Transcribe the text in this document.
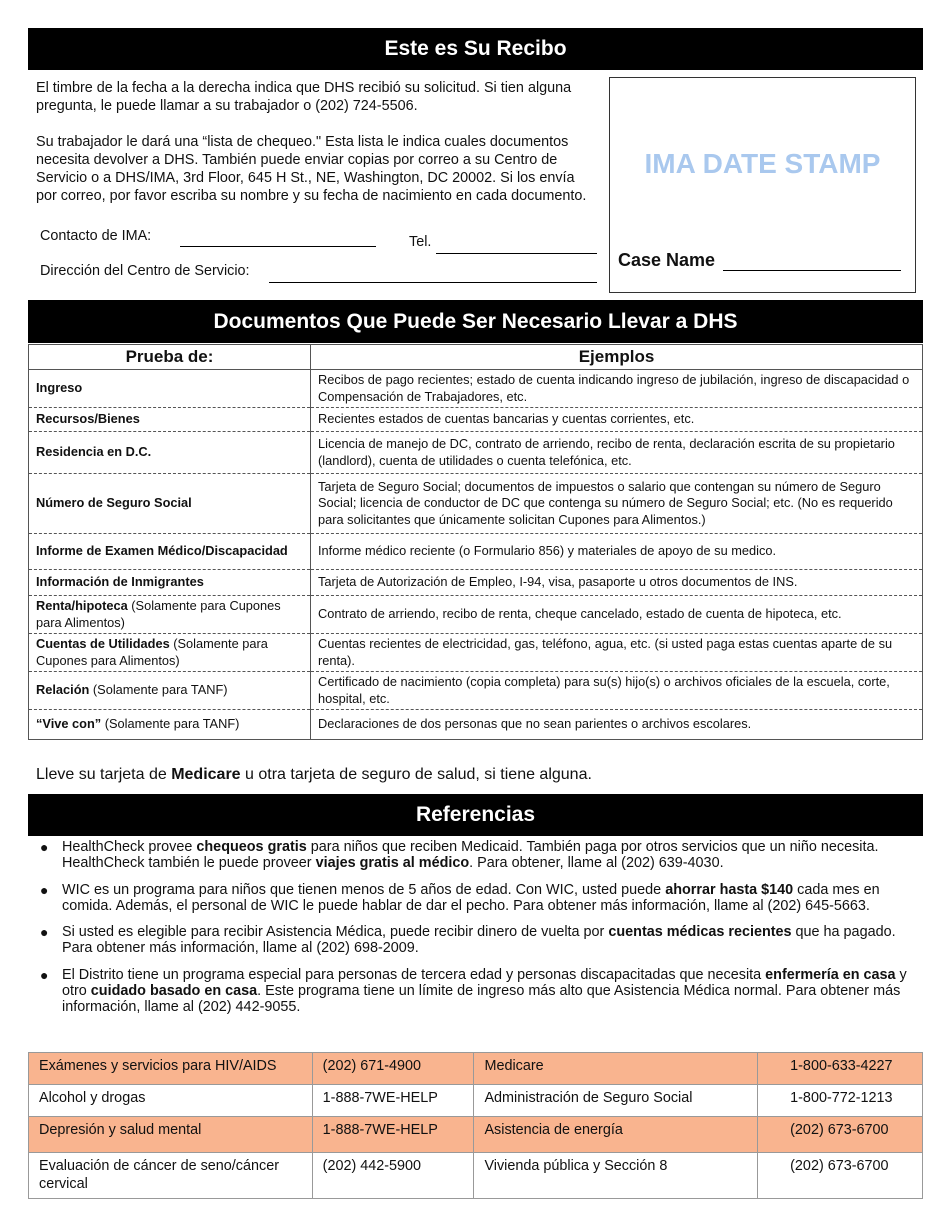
Este es Su Recibo
El timbre de la fecha a la derecha indica que DHS recibió su solicitud. Si tien alguna pregunta, le puede llamar a su trabajador o (202) 724-5506.
Su trabajador le dará una “lista de chequeo." Esta lista le indica cuales documentos necesita devolver a DHS. También puede enviar copias por correo a su Centro de Servicio o a DHS/IMA, 3rd Floor, 645 H St., NE, Washington, DC 20002. Si los envía por correo, por favor escriba su nombre y su fecha de nacimiento en cada documento.
Contacto de IMA:	Tel.
Dirección del Centro de Servicio:
IMA DATE STAMP
Case Name
Documentos Que Puede Ser Necesario Llevar a DHS
Prueba de:	Ejemplos
Ingreso	Recibos de pago recientes; estado de cuenta indicando ingreso de jubilación, ingreso de discapacidad o Compensación de Trabajadores, etc.
Recursos/Bienes	Recientes estados de cuentas bancarias y cuentas corrientes, etc.
Residencia en D.C.	Licencia de manejo de DC, contrato de arriendo, recibo de renta, declaración escrita de su propietario (landlord), cuenta de utilidades o cuenta telefónica, etc.
Número de Seguro Social	Tarjeta de Seguro Social; documentos de impuestos o salario que contengan su número de Seguro Social; licencia de conductor de DC que contenga su número de Seguro Social; etc. (No es requerido para solicitantes que únicamente solicitan Cupones para Alimentos.)
Informe de Examen Médico/Discapacidad	Informe médico reciente (o Formulario 856) y materiales de apoyo de su medico.
Información de Inmigrantes	Tarjeta de Autorización de Empleo, I-94, visa, pasaporte u otros documentos de INS.
Renta/hipoteca (Solamente para Cupones para Alimentos)	Contrato de arriendo, recibo de renta, cheque cancelado, estado de cuenta de hipoteca, etc.
Cuentas de Utilidades (Solamente para Cupones para Alimentos)	Cuentas recientes de electricidad, gas, teléfono, agua, etc. (si usted paga estas cuentas aparte de su renta).
Relación (Solamente para TANF)	Certificado de nacimiento (copia completa) para su(s) hijo(s) o archivos oficiales de la escuela, corte, hospital, etc.
“Vive con” (Solamente para TANF)	Declaraciones de dos personas que no sean parientes o archivos escolares.
Lleve su tarjeta de Medicare u otra tarjeta de seguro de salud, si tiene alguna.
Referencias
● HealthCheck provee chequeos gratis para niños que reciben Medicaid. También paga por otros servicios que un niño necesita. HealthCheck también le puede proveer viajes gratis al médico. Para obtener, llame al (202) 639-4030.
● WIC es un programa para niños que tienen menos de 5 años de edad. Con WIC, usted puede ahorrar hasta $140 cada mes en comida. Además, el personal de WIC le puede hablar de dar el pecho. Para obtener más información, llame al (202) 645-5663.
● Si usted es elegible para recibir Asistencia Médica, puede recibir dinero de vuelta por cuentas médicas recientes que ha pagado. Para obtener más información, llame al (202) 698-2009.
● El Distrito tiene un programa especial para personas de tercera edad y personas discapacitadas que necesita enfermería en casa y otro cuidado basado en casa. Este programa tiene un límite de ingreso más alto que Asistencia Médica normal. Para obtener más información, llame al (202) 442-9055.
Exámenes y servicios para HIV/AIDS	(202) 671-4900	Medicare	1-800-633-4227
Alcohol y drogas	1-888-7WE-HELP	Administración de Seguro Social	1-800-772-1213
Depresión y salud mental	1-888-7WE-HELP	Asistencia de energía	(202) 673-6700
Evaluación de cáncer de seno/cáncer cervical	(202) 442-5900	Vivienda pública y Sección 8	(202) 673-6700
